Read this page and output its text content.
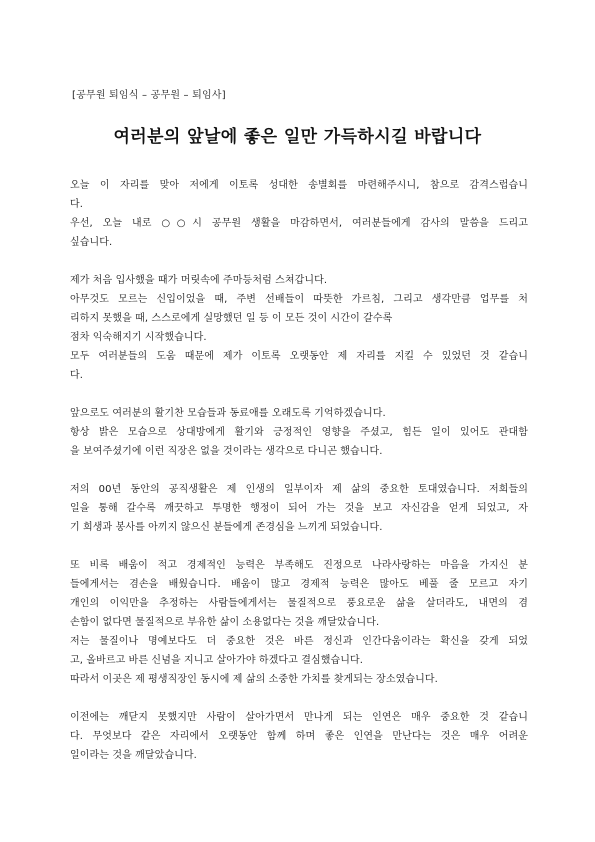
[공무원 퇴임식 – 공무원 – 퇴임사]
여러분의 앞날에 좋은 일만 가득하시길 바랍니다
오늘 이 자리를 맞아 저에게 이토록 성대한 송별회를 마련해주시니, 참으로 감격스럽습니
다.
우선, 오늘 내로 ○○시 공무원 생활을 마감하면서, 여러분들에게 감사의 말씀을 드리고
싶습니다.
제가 처음 입사했을 때가 머릿속에 주마등처럼 스쳐갑니다.
아무것도 모르는 신입이었을 때, 주변 선배들이 따뜻한 가르침, 그리고 생각만큼 업무를 처
리하지 못했을 때, 스스로에게 실망했던 일 등 이 모든 것이 시간이 갈수록
점차 익숙해지기 시작했습니다.
모두 여러분들의 도움 때문에 제가 이토록 오랫동안 제 자리를 지킬 수 있었던 것 같습니
다.
앞으로도 여러분의 활기찬 모습들과 동료애를 오래도록 기억하겠습니다.
항상 밝은 모습으로 상대방에게 활기와 긍정적인 영향을 주셨고, 힘든 일이 있어도 관대함
을 보여주셨기에 이런 직장은 없을 것이라는 생각으로 다니곤 했습니다.
저의 00년 동안의 공직생활은 제 인생의 일부이자 제 삶의 중요한 토대였습니다. 저희들의
일을 통해 갈수록 깨끗하고 투명한 행정이 되어 가는 것을 보고 자신감을 얻게 되었고, 자
기 희생과 봉사를 아끼지 않으신 분들에게 존경심을 느끼게 되었습니다.
또 비록 배움이 적고 경제적인 능력은 부족해도 진정으로 나라사랑하는 마음을 가지신 분
들에게서는 겸손을 배웠습니다. 배움이 많고 경제적 능력은 많아도 베풀 줄 모르고 자기
개인의 이익만을 추정하는 사람들에게서는 물질적으로 풍요로운 삶을 살더라도, 내면의 겸
손함이 없다면 물질적으로 부유한 삶이 소용없다는 것을 깨달았습니다.
저는 물질이나 명예보다도 더 중요한 것은 바른 정신과 인간다움이라는 확신을 갖게 되었
고, 올바르고 바른 신념을 지니고 살아가야 하겠다고 결심했습니다.
따라서 이곳은 제 평생직장인 동시에 제 삶의 소중한 가치를 찾게되는 장소였습니다.
이전에는 깨닫지 못했지만 사람이 살아가면서 만나게 되는 인연은 매우 중요한 것 같습니
다. 무엇보다 같은 자리에서 오랫동안 함께 하며 좋은 인연을 만난다는 것은 매우 어려운
일이라는 것을 깨달았습니다.
